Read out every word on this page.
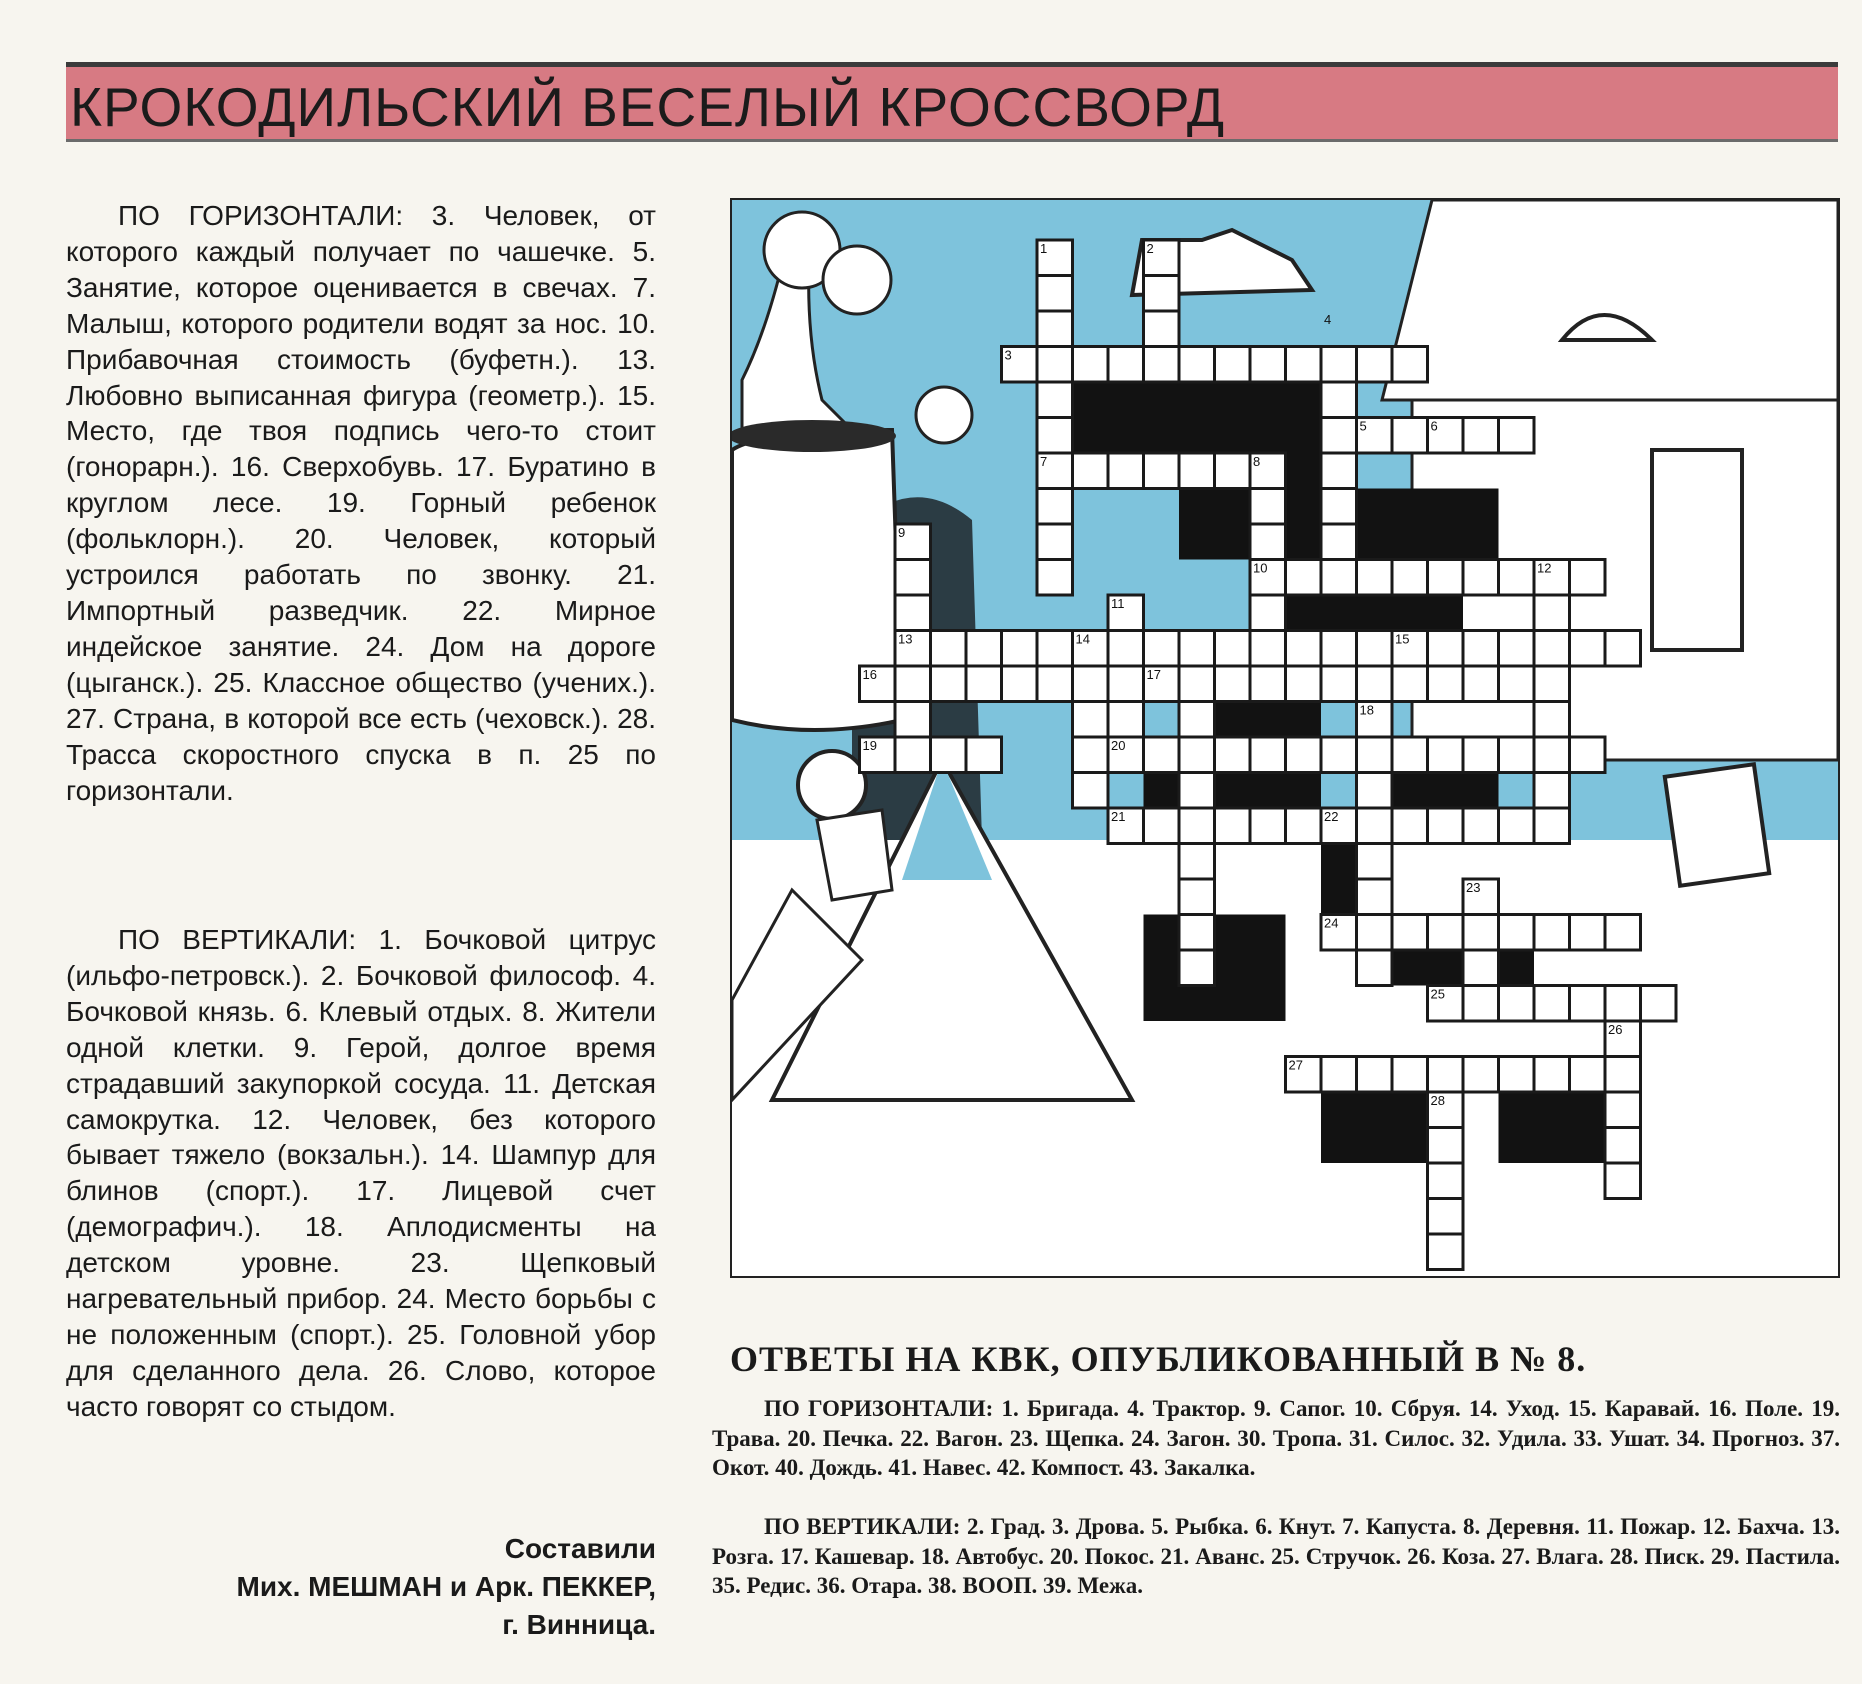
КРОКОДИЛЬСКИЙ ВЕСЕЛЫЙ КРОССВОРД
ПО ГОРИЗОНТАЛИ: 3. Человек, от которого каждый получает по чашечке. 5. Занятие, которое оценивается в свечах. 7. Малыш, которого родители водят за нос. 10. Прибавочная стоимость (буфетн.). 13. Любовно выписанная фигура (геометр.). 15. Место, где твоя подпись чего-то стоит (гонорарн.). 16. Сверхобувь. 17. Буратино в круглом лесе. 19. Горный ребенок (фольклорн.). 20. Человек, который устроился работать по звонку. 21. Импортный разведчик. 22. Мирное индейское занятие. 24. Дом на дороге (цыганск.). 25. Классное общество (учених.). 27. Страна, в которой все есть (чеховск.). 28. Трасса скоростного спуска в п. 25 по горизонтали.
ПО ВЕРТИКАЛИ: 1. Бочковой цитрус (ильфо-петровск.). 2. Бочковой философ. 4. Бочковой князь. 6. Клевый отдых. 8. Жители одной клетки. 9. Герой, долгое время страдавший закупоркой сосуда. 11. Детская самокрутка. 12. Человек, без которого бывает тяжело (вокзальн.). 14. Шампур для блинов (спорт.). 17. Лицевой счет (демографич.). 18. Аплодисменты на детском уровне. 23. Щепковый нагревательный прибор. 24. Место борьбы с не положенным (спорт.). 25. Головной убор для сделанного дела. 26. Слово, которое часто говорят со стыдом.
Составили
Мих. МЕШМАН и Арк. ПЕККЕР,
г. Винница.
1	2
3
4
5	6
7	8
9
10
11
12
13	14	15
16	17
18
19	20
21	22
23
24
25
26
27
28
ОТВЕТЫ НА КВК, ОПУБЛИКОВАННЫЙ В № 8.
ПО ГОРИЗОНТАЛИ: 1. Бригада. 4. Трактор. 9. Сапог. 10. Сбруя. 14. Уход. 15. Каравай. 16. Поле. 19. Трава. 20. Печка. 22. Вагон. 23. Щепка. 24. Загон. 30. Тропа. 31. Силос. 32. Удила. 33. Ушат. 34. Прогноз. 37. Окот. 40. Дождь. 41. Навес. 42. Компост. 43. Закалка.
ПО ВЕРТИКАЛИ: 2. Град. 3. Дрова. 5. Рыбка. 6. Кнут. 7. Капуста. 8. Деревня. 11. Пожар. 12. Бахча. 13. Розга. 17. Кашевар. 18. Автобус. 20. Покос. 21. Аванс. 25. Стручок. 26. Коза. 27. Влага. 28. Писк. 29. Пастила. 35. Редис. 36. Отара. 38. ВООП. 39. Межа.
